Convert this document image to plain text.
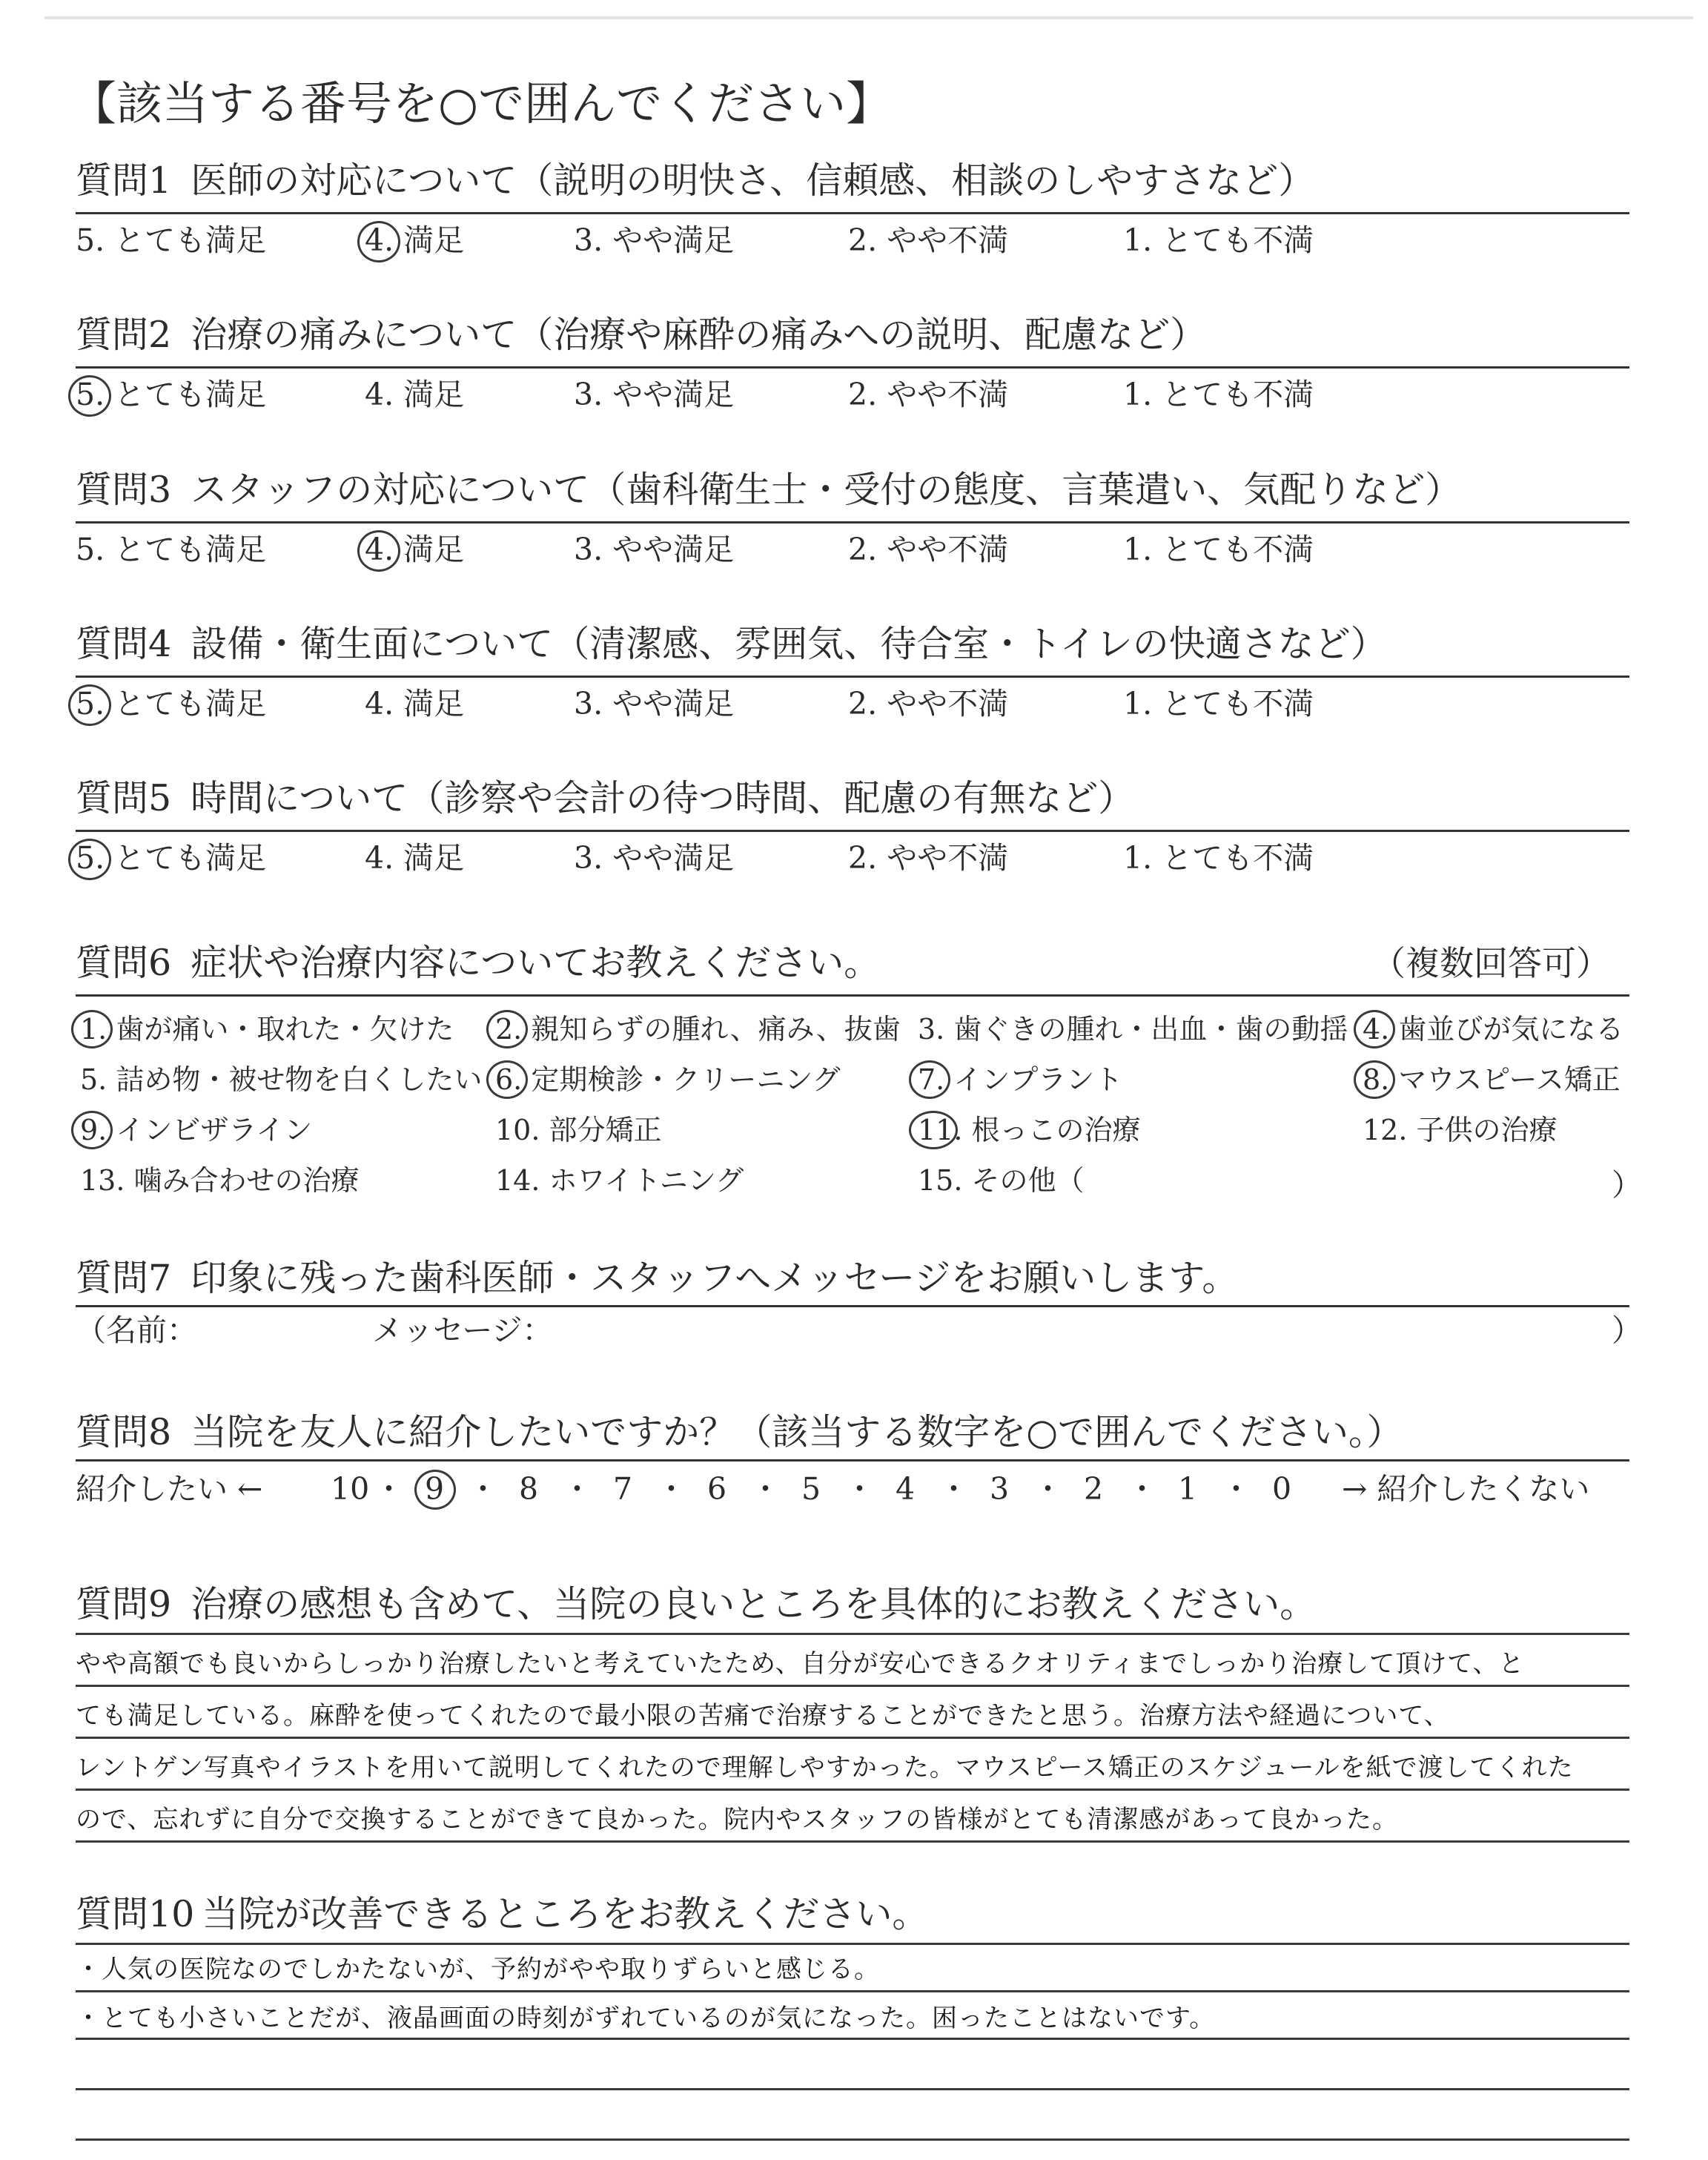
【該当する番号を○で囲んでください】
質問1 医師の対応について（説明の明快さ、信頼感、相談のしやすさなど）
5. とても満足	4. 満足	3. やや満足	2. やや不満	1. とても不満
質問2 治療の痛みについて（治療や麻酔の痛みへの説明、配慮など）
5. とても満足	4. 満足	3. やや満足	2. やや不満	1. とても不満
質問3 スタッフの対応について（歯科衛生士・受付の態度、言葉遣い、気配りなど）
5. とても満足	4. 満足	3. やや満足	2. やや不満	1. とても不満
質問4 設備・衛生面について（清潔感、雰囲気、待合室・トイレの快適さなど）
5. とても満足	4. 満足	3. やや満足	2. やや不満	1. とても不満
質問5 時間について（診察や会計の待つ時間、配慮の有無など）
5. とても満足	4. 満足	3. やや満足	2. やや不満	1. とても不満
質問6 症状や治療内容についてお教えください。	（複数回答可）
1. 歯が痛い・取れた・欠けた 2. 親知らずの腫れ、痛み、抜歯 3. 歯ぐきの腫れ・出血・歯の動揺 4. 歯並びが気になる
5. 詰め物・被せ物を白くしたい 6. 定期検診・クリーニング	7. インプラント	8. マウスピース矯正
9. インビザライン	10. 部分矯正	11. 根っこの治療	12. 子供の治療
13. 噛み合わせの治療	14. ホワイトニング	15. その他（	）
質問7 印象に残った歯科医師・スタッフへメッセージをお願いします。
（名前：	メッセージ：	）
質問8 当院を友人に紹介したいですか？（該当する数字を○で囲んでください。）
紹介したい ← 10 ・ 9 ・ 8 ・ 7 ・ 6 ・ 5 ・ 4 ・ 3 ・ 2 ・ 1 ・ 0 → 紹介したくない
質問9 治療の感想も含めて、当院の良いところを具体的にお教えください。
やや高額でも良いからしっかり治療したいと考えていたため、自分が安心できるクオリティまでしっかり治療して頂けて、と
ても満足している。麻酔を使ってくれたので最小限の苦痛で治療することができたと思う。治療方法や経過について、
レントゲン写真やイラストを用いて説明してくれたので理解しやすかった。マウスピース矯正のスケジュールを紙で渡してくれた
ので、忘れずに自分で交換することができて良かった。院内やスタッフの皆様がとても清潔感があって良かった。
質問10 当院が改善できるところをお教えください。
・人気の医院なのでしかたないが、予約がやや取りずらいと感じる。
・とても小さいことだが、液晶画面の時刻がずれているのが気になった。困ったことはないです。
